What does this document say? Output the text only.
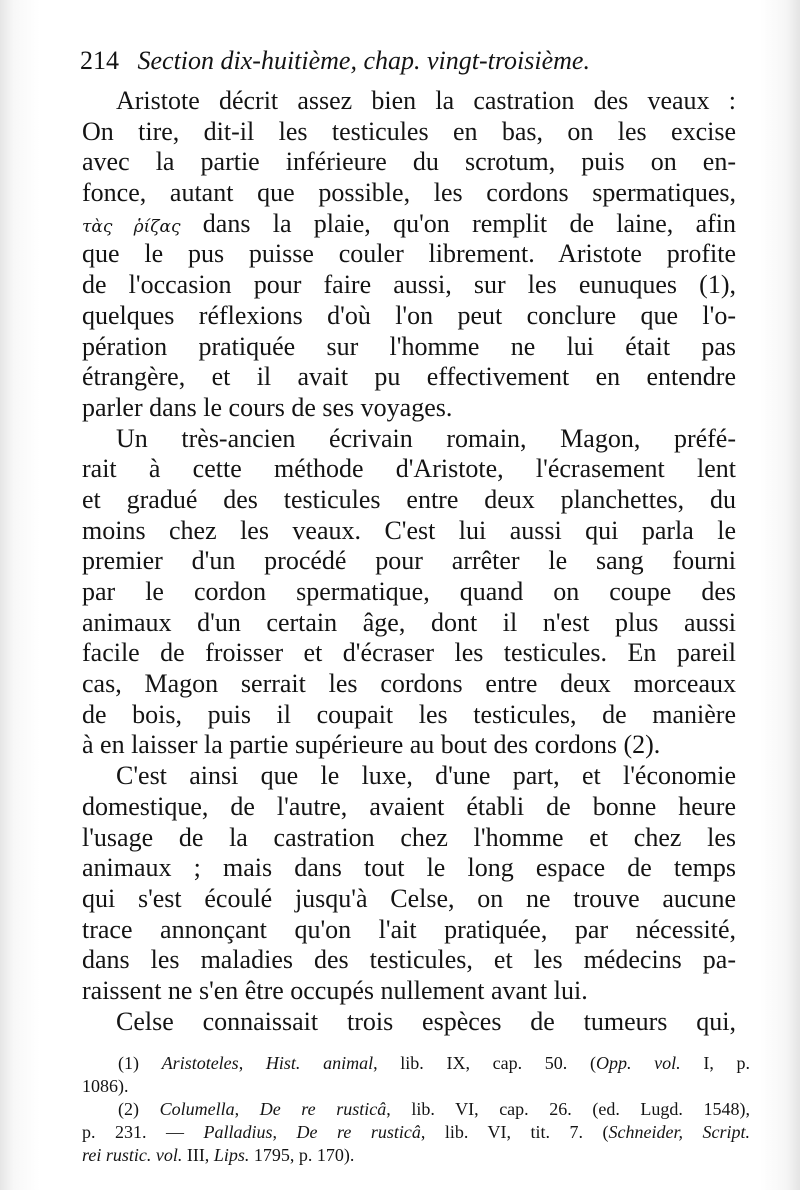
214 Section dix-huitième, chap. vingt-troisième.
Aristote décrit assez bien la castration des veaux :
On tire, dit-il les testicules en bas, on les excise
avec la partie inférieure du scrotum, puis on en-
fonce, autant que possible, les cordons spermatiques,
τὰς ῥίζας dans la plaie, qu'on remplit de laine, afin
que le pus puisse couler librement. Aristote profite
de l'occasion pour faire aussi, sur les eunuques (1),
quelques réflexions d'où l'on peut conclure que l'o-
pération pratiquée sur l'homme ne lui était pas
étrangère, et il avait pu effectivement en entendre
parler dans le cours de ses voyages.
Un très-ancien écrivain romain, Magon, préfé-
rait à cette méthode d'Aristote, l'écrasement lent
et gradué des testicules entre deux planchettes, du
moins chez les veaux. C'est lui aussi qui parla le
premier d'un procédé pour arrêter le sang fourni
par le cordon spermatique, quand on coupe des
animaux d'un certain âge, dont il n'est plus aussi
facile de froisser et d'écraser les testicules. En pareil
cas, Magon serrait les cordons entre deux morceaux
de bois, puis il coupait les testicules, de manière
à en laisser la partie supérieure au bout des cordons (2).
C'est ainsi que le luxe, d'une part, et l'économie
domestique, de l'autre, avaient établi de bonne heure
l'usage de la castration chez l'homme et chez les
animaux ; mais dans tout le long espace de temps
qui s'est écoulé jusqu'à Celse, on ne trouve aucune
trace annonçant qu'on l'ait pratiquée, par nécessité,
dans les maladies des testicules, et les médecins pa-
raissent ne s'en être occupés nullement avant lui.
Celse connaissait trois espèces de tumeurs qui,
(1) Aristoteles, Hist. animal, lib. IX, cap. 50. (Opp. vol. I, p.
1086).
(2) Columella, De re rusticâ, lib. VI, cap. 26. (ed. Lugd. 1548),
p. 231. — Palladius, De re rusticâ, lib. VI, tit. 7. (Schneider, Script.
rei rustic. vol. III, Lips. 1795, p. 170).
